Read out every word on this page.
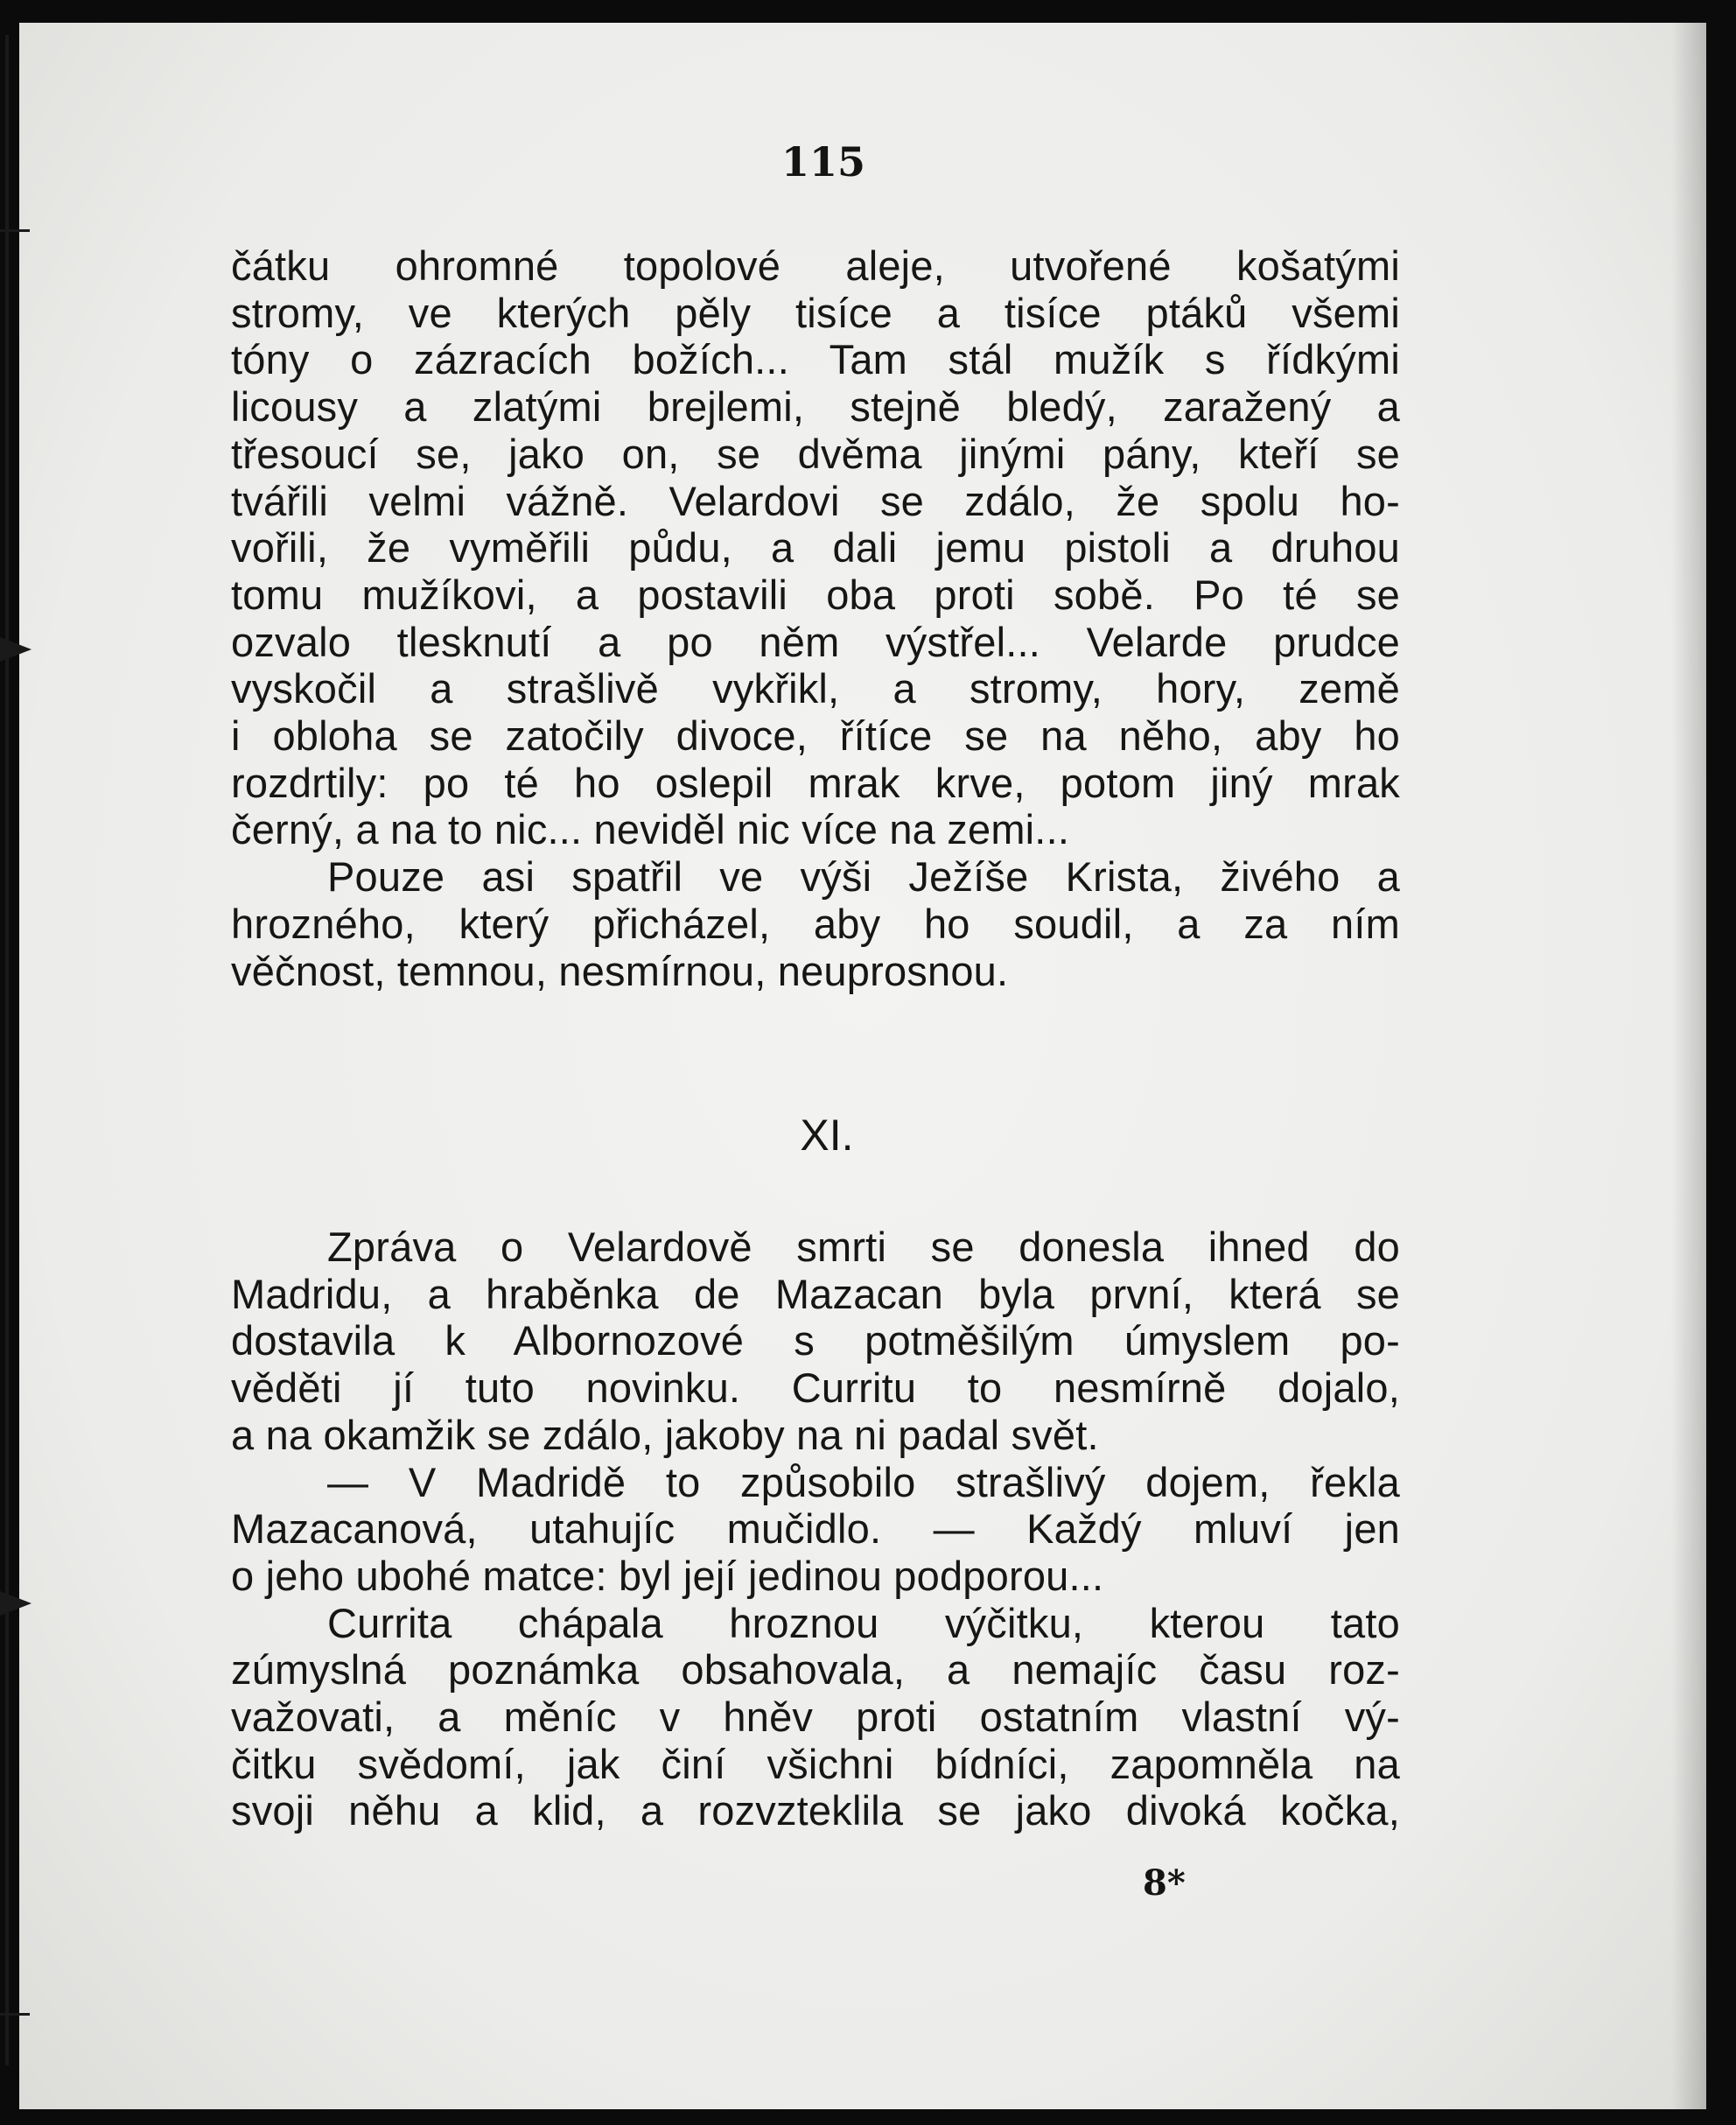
115
čátku ohromné topolové aleje, utvořené košatými
stromy, ve kterých pěly tisíce a tisíce ptáků všemi
tóny o zázracích božích... Tam stál mužík s řídkými
licousy a zlatými brejlemi, stejně bledý, zaražený a
třesoucí se, jako on, se dvěma jinými pány, kteří se
tvářili velmi vážně. Velardovi se zdálo, že spolu ho-
vořili, že vyměřili půdu, a dali jemu pistoli a druhou
tomu mužíkovi, a postavili oba proti sobě. Po té se
ozvalo tlesknutí a po něm výstřel... Velarde prudce
vyskočil a strašlivě vykřikl, a stromy, hory, země
i obloha se zatočily divoce, řítíce se na něho, aby ho
rozdrtily: po té ho oslepil mrak krve, potom jiný mrak
černý, a na to nic... neviděl nic více na zemi...
Pouze asi spatřil ve výši Ježíše Krista, živého a
hrozného, který přicházel, aby ho soudil, a za ním
věčnost, temnou, nesmírnou, neuprosnou.
XI.
Zpráva o Velardově smrti se donesla ihned do
Madridu, a hraběnka de Mazacan byla první, která se
dostavila k Albornozové s potměšilým úmyslem po-
věděti jí tuto novinku. Curritu to nesmírně dojalo,
a na okamžik se zdálo, jakoby na ni padal svět.
— V Madridě to způsobilo strašlivý dojem, řekla
Mazacanová, utahujíc mučidlo. — Každý mluví jen
o jeho ubohé matce: byl její jedinou podporou...
Currita chápala hroznou výčitku, kterou tato
zúmyslná poznámka obsahovala, a nemajíc času roz-
važovati, a měníc v hněv proti ostatním vlastní vý-
čitku svědomí, jak činí všichni bídníci, zapomněla na
svoji něhu a klid, a rozvzteklila se jako divoká kočka,
8*
